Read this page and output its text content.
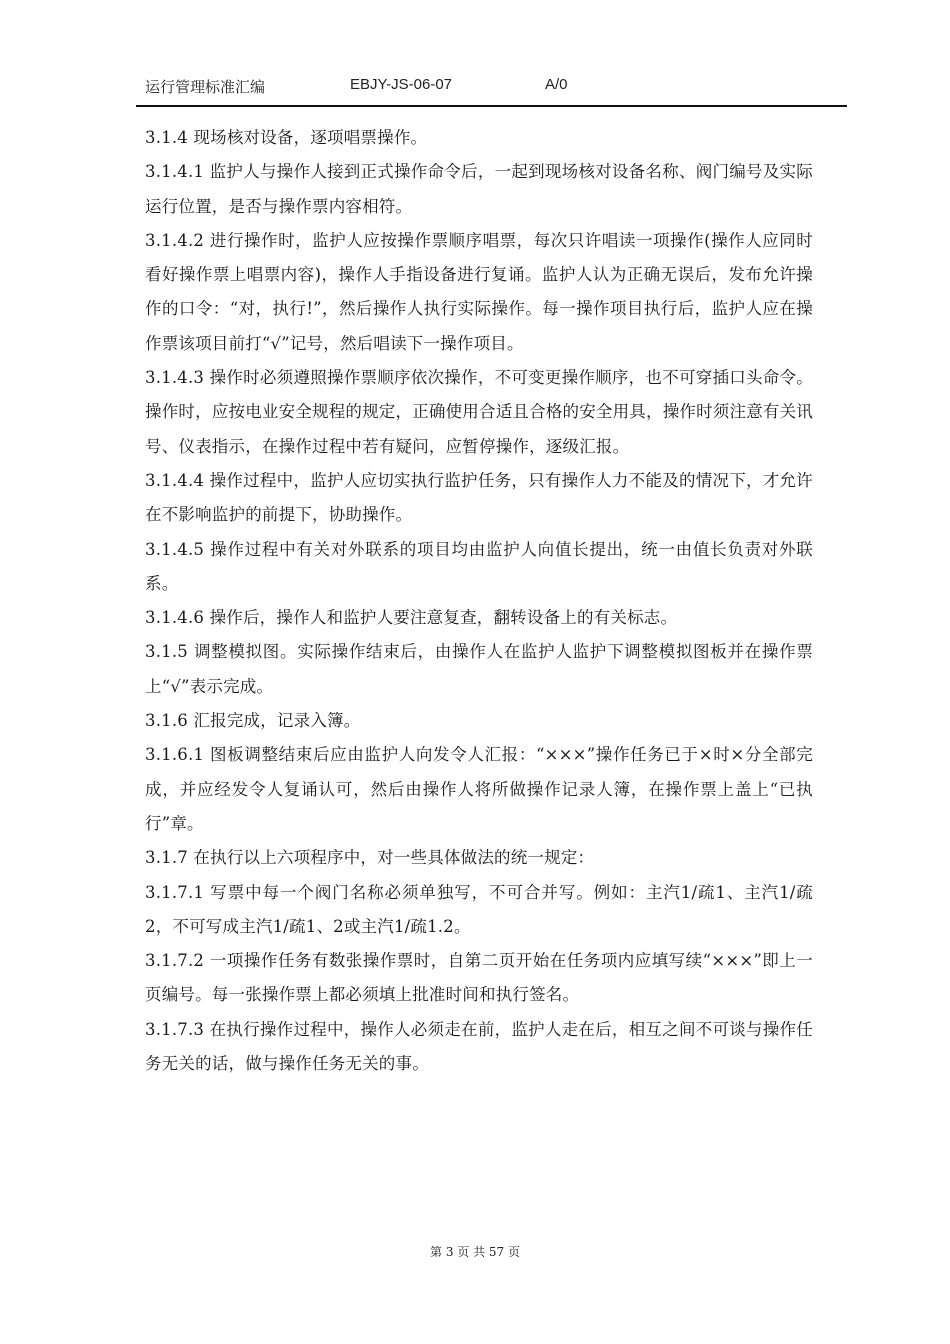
运行管理标准汇编	EBJY-JS-06-07	A/0

3.1.4 现场核对设备，逐项唱票操作。

3.1.4.1 监护人与操作人接到正式操作命令后，一起到现场核对设备名称、阀门编号及实际运行位置，是否与操作票内容相符。

3.1.4.2 进行操作时，监护人应按操作票顺序唱票，每次只许唱读一项操作(操作人应同时看好操作票上唱票内容)，操作人手指设备进行复诵。监护人认为正确无误后，发布允许操作的口令：“对，执行!”，然后操作人执行实际操作。每一操作项目执行后，监护人应在操作票该项目前打“√”记号，然后唱读下一操作项目。

3.1.4.3 操作时必须遵照操作票顺序依次操作，不可变更操作顺序，也不可穿插口头命令。操作时，应按电业安全规程的规定，正确使用合适且合格的安全用具，操作时须注意有关讯号、仪表指示，在操作过程中若有疑问，应暂停操作，逐级汇报。

3.1.4.4 操作过程中，监护人应切实执行监护任务，只有操作人力不能及的情况下，才允许在不影响监护的前提下，协助操作。

3.1.4.5 操作过程中有关对外联系的项目均由监护人向值长提出，统一由值长负责对外联系。

3.1.4.6 操作后，操作人和监护人要注意复查，翻转设备上的有关标志。

3.1.5 调整模拟图。实际操作结束后，由操作人在监护人监护下调整模拟图板并在操作票上“√”表示完成。

3.1.6 汇报完成，记录入簿。

3.1.6.1 图板调整结束后应由监护人向发令人汇报：“×××”操作任务已于×时×分全部完成，并应经发令人复诵认可，然后由操作人将所做操作记录人簿，在操作票上盖上“已执行”章。

3.1.7 在执行以上六项程序中，对一些具体做法的统一规定：

3.1.7.1 写票中每一个阀门名称必须单独写，不可合并写。例如：主汽1/疏1、主汽1/疏2，不可写成主汽1/疏1、2或主汽1/疏1.2。

3.1.7.2 一项操作任务有数张操作票时，自第二页开始在任务项内应填写续“×××”即上一页编号。每一张操作票上都必须填上批准时间和执行签名。

3.1.7.3 在执行操作过程中，操作人必须走在前，监护人走在后，相互之间不可谈与操作任务无关的话，做与操作任务无关的事。

第 3 页 共 57 页
